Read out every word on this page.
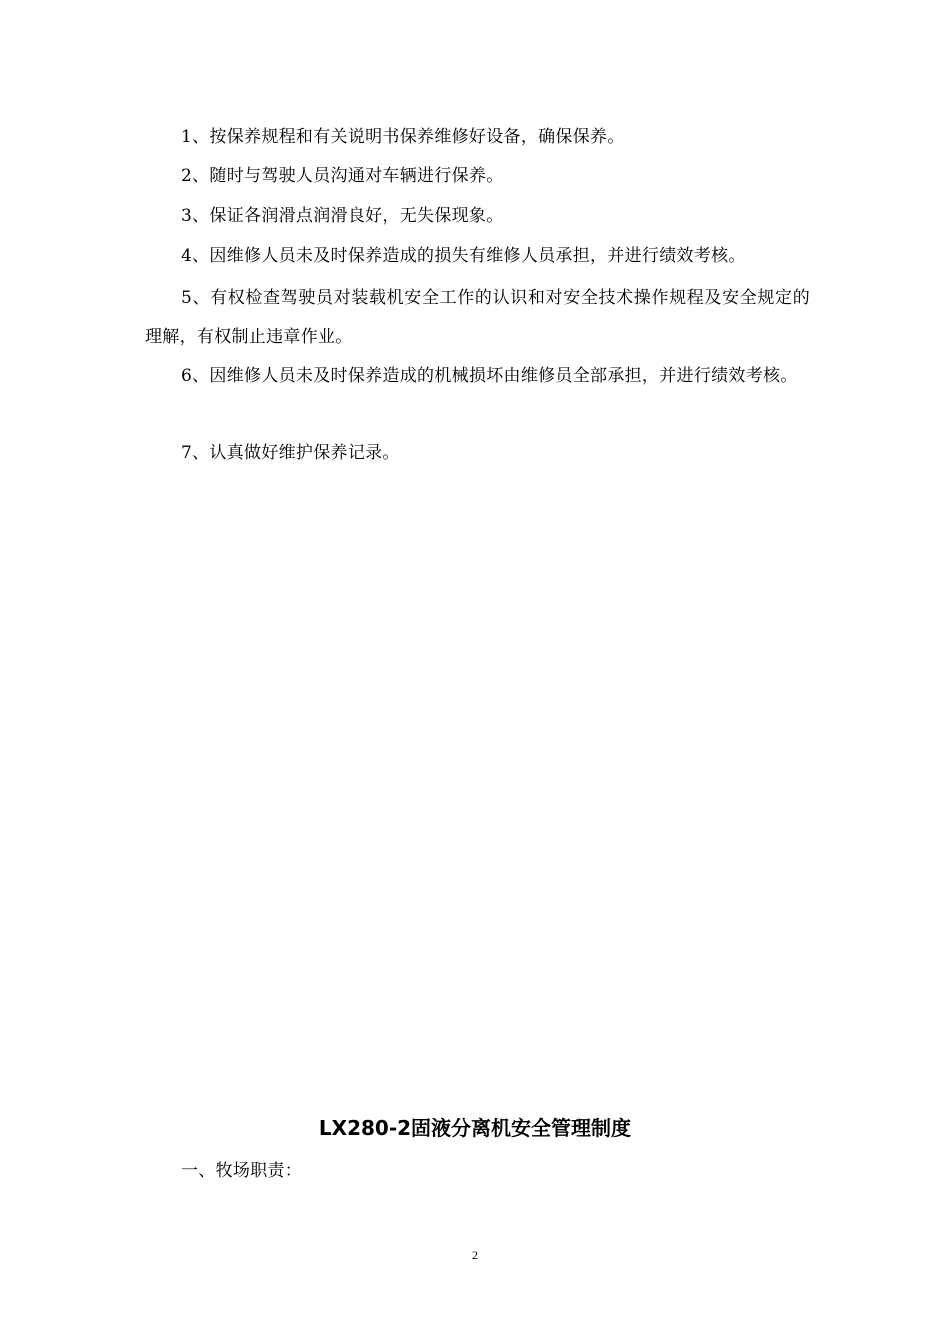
1、按保养规程和有关说明书保养维修好设备，确保保养。

2、随时与驾驶人员沟通对车辆进行保养。

3、保证各润滑点润滑良好，无失保现象。

4、因维修人员未及时保养造成的损失有维修人员承担，并进行绩效考核。

5、有权检查驾驶员对装载机安全工作的认识和对安全技术操作规程及安全规定的理解，有权制止违章作业。

6、因维修人员未及时保养造成的机械损坏由维修员全部承担，并进行绩效考核。

7、认真做好维护保养记录。

LX280-2固液分离机安全管理制度

一、牧场职责：

2
